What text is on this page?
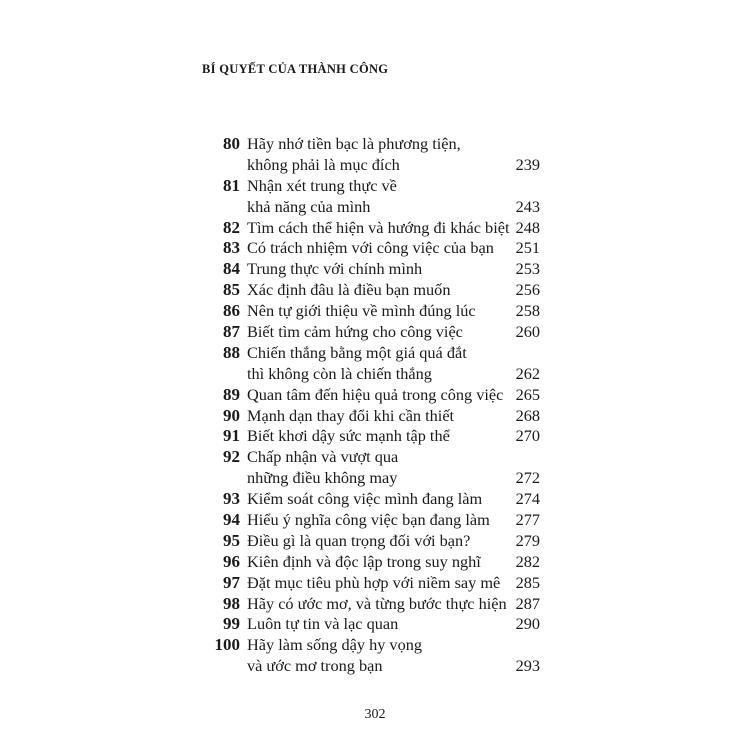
BÍ QUYẾT CỦA THÀNH CÔNG
80 Hãy nhớ tiền bạc là phương tiện,
không phải là mục đích	239
81 Nhận xét trung thực về
khả năng của mình	243
82 Tìm cách thể hiện và hướng đi khác biệt 248
83 Có trách nhiệm với công việc của bạn	251
84 Trung thực với chính mình	253
85 Xác định đâu là điều bạn muốn	256
86 Nên tự giới thiệu về mình đúng lúc	258
87 Biết tìm cảm hứng cho công việc	260
88 Chiến thắng bằng một giá quá đắt
thì không còn là chiến thắng	262
89 Quan tâm đến hiệu quả trong công việc 265
90 Mạnh dạn thay đổi khi cần thiết	268
91 Biết khơi dậy sức mạnh tập thể	270
92 Chấp nhận và vượt qua
những điều không may	272
93 Kiểm soát công việc mình đang làm	274
94 Hiểu ý nghĩa công việc bạn đang làm	277
95 Điều gì là quan trọng đối với bạn?	279
96 Kiên định và độc lập trong suy nghĩ	282
97 Đặt mục tiêu phù hợp với niềm say mê 285
98 Hãy có ước mơ, và từng bước thực hiện 287
99 Luôn tự tin và lạc quan	290
100 Hãy làm sống dậy hy vọng
và ước mơ trong bạn	293
302
